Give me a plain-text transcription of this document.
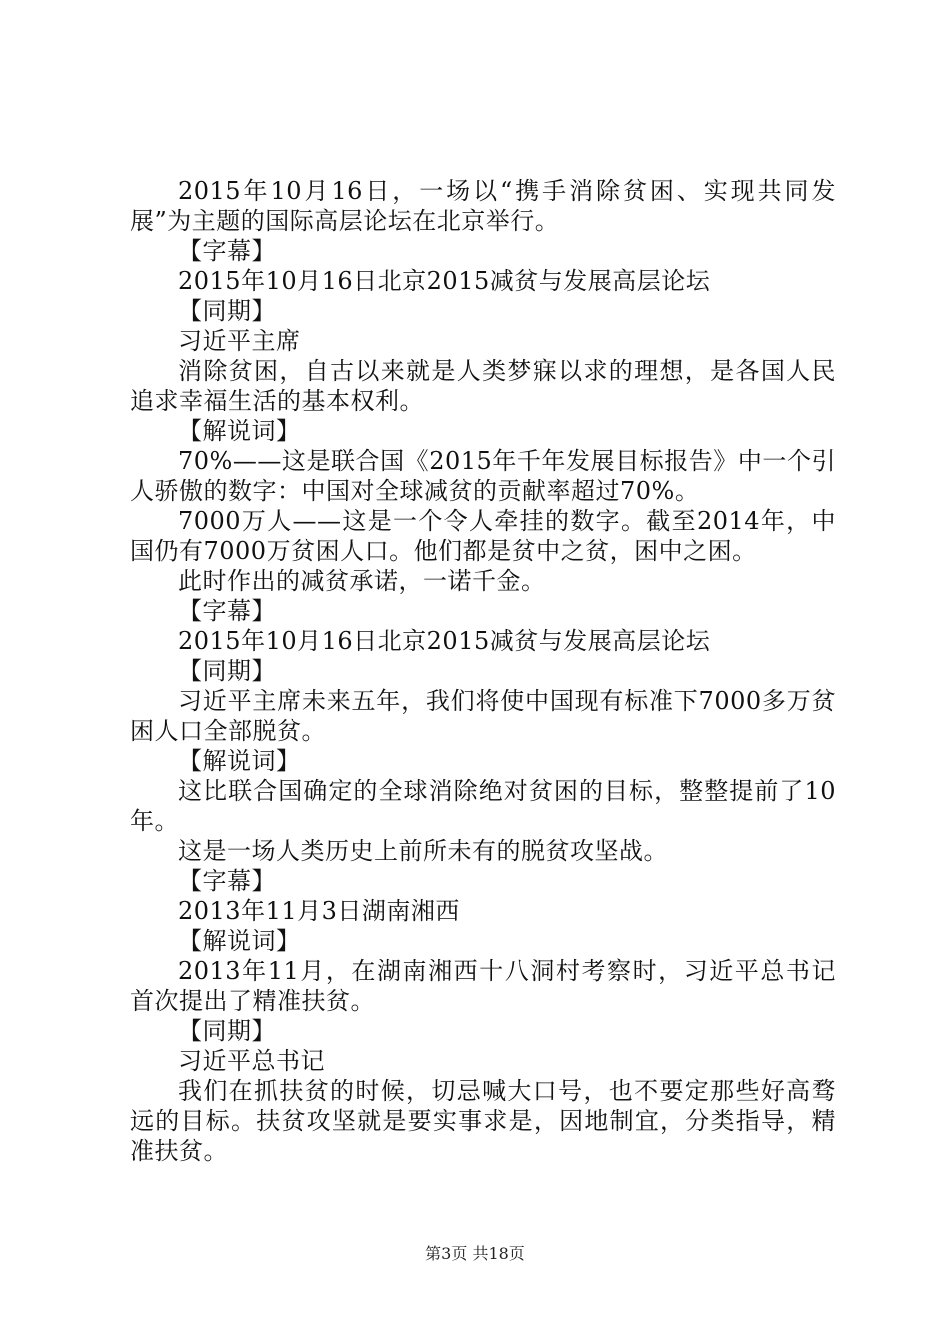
2015年10月16日，一场以“携手消除贫困、实现共同发展”为主题的国际高层论坛在北京举行。

【字幕】

2015年10月16日北京2015减贫与发展高层论坛

【同期】

习近平主席

消除贫困，自古以来就是人类梦寐以求的理想，是各国人民追求幸福生活的基本权利。

【解说词】

70%——这是联合国《2015年千年发展目标报告》中一个引人骄傲的数字：中国对全球减贫的贡献率超过70%。

7000万人——这是一个令人牵挂的数字。截至2014年，中国仍有7000万贫困人口。他们都是贫中之贫，困中之困。

此时作出的减贫承诺，一诺千金。

【字幕】

2015年10月16日北京2015减贫与发展高层论坛

【同期】

习近平主席未来五年，我们将使中国现有标准下7000多万贫困人口全部脱贫。

【解说词】

这比联合国确定的全球消除绝对贫困的目标，整整提前了10年。

这是一场人类历史上前所未有的脱贫攻坚战。

【字幕】

2013年11月3日湖南湘西

【解说词】

2013年11月，在湖南湘西十八洞村考察时，习近平总书记首次提出了精准扶贫。

【同期】

习近平总书记

我们在抓扶贫的时候，切忌喊大口号，也不要定那些好高骛远的目标。扶贫攻坚就是要实事求是，因地制宜，分类指导，精准扶贫。

第3页 共18页
